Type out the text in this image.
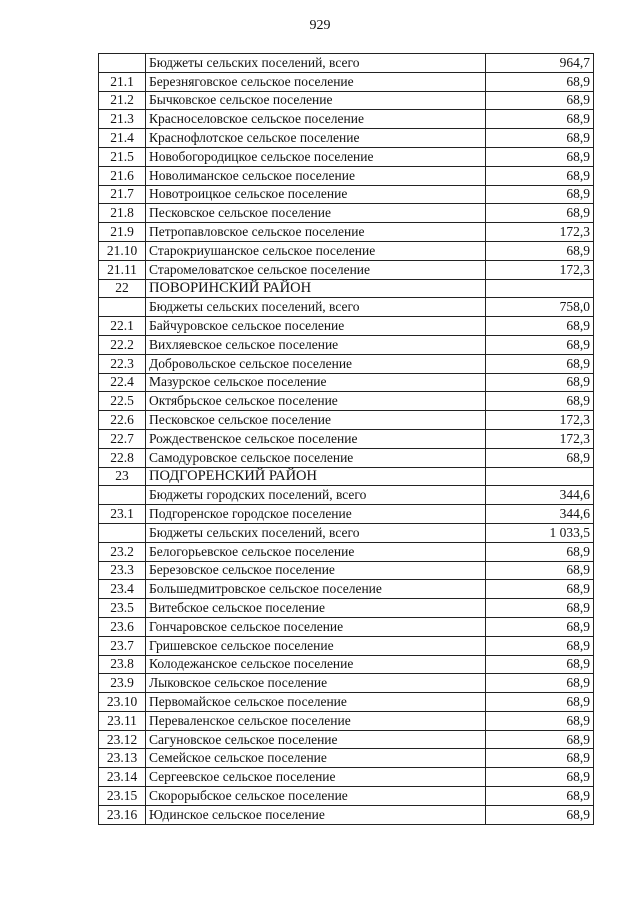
929
	Бюджеты сельских поселений, всего	964,7
21.1	Березняговское сельское поселение	68,9
21.2	Бычковское сельское поселение	68,9
21.3	Красноселовское сельское поселение	68,9
21.4	Краснофлотское сельское поселение	68,9
21.5	Новобогородицкое сельское поселение	68,9
21.6	Новолиманское сельское поселение	68,9
21.7	Новотроицкое сельское поселение	68,9
21.8	Песковское сельское поселение	68,9
21.9	Петропавловское сельское поселение	172,3
21.10	Старокриушанское сельское поселение	68,9
21.11	Старомеловатское сельское поселение	172,3
22	ПОВОРИНСКИЙ РАЙОН	
	Бюджеты сельских поселений, всего	758,0
22.1	Байчуровское сельское поселение	68,9
22.2	Вихляевское сельское поселение	68,9
22.3	Добровольское сельское поселение	68,9
22.4	Мазурское сельское поселение	68,9
22.5	Октябрьское сельское поселение	68,9
22.6	Песковское сельское поселение	172,3
22.7	Рождественское сельское поселение	172,3
22.8	Самодуровское сельское поселение	68,9
23	ПОДГОРЕНСКИЙ РАЙОН	
	Бюджеты городских поселений, всего	344,6
23.1	Подгоренское городское поселение	344,6
	Бюджеты сельских поселений, всего	1 033,5
23.2	Белогорьевское сельское поселение	68,9
23.3	Березовское сельское поселение	68,9
23.4	Большедмитровское сельское поселение	68,9
23.5	Витебское сельское поселение	68,9
23.6	Гончаровское сельское поселение	68,9
23.7	Гришевское сельское поселение	68,9
23.8	Колодежанское сельское поселение	68,9
23.9	Лыковское сельское поселение	68,9
23.10	Первомайское сельское поселение	68,9
23.11	Переваленское сельское поселение	68,9
23.12	Сагуновское сельское поселение	68,9
23.13	Семейское сельское поселение	68,9
23.14	Сергеевское сельское поселение	68,9
23.15	Скорорыбское сельское поселение	68,9
23.16	Юдинское сельское поселение	68,9
